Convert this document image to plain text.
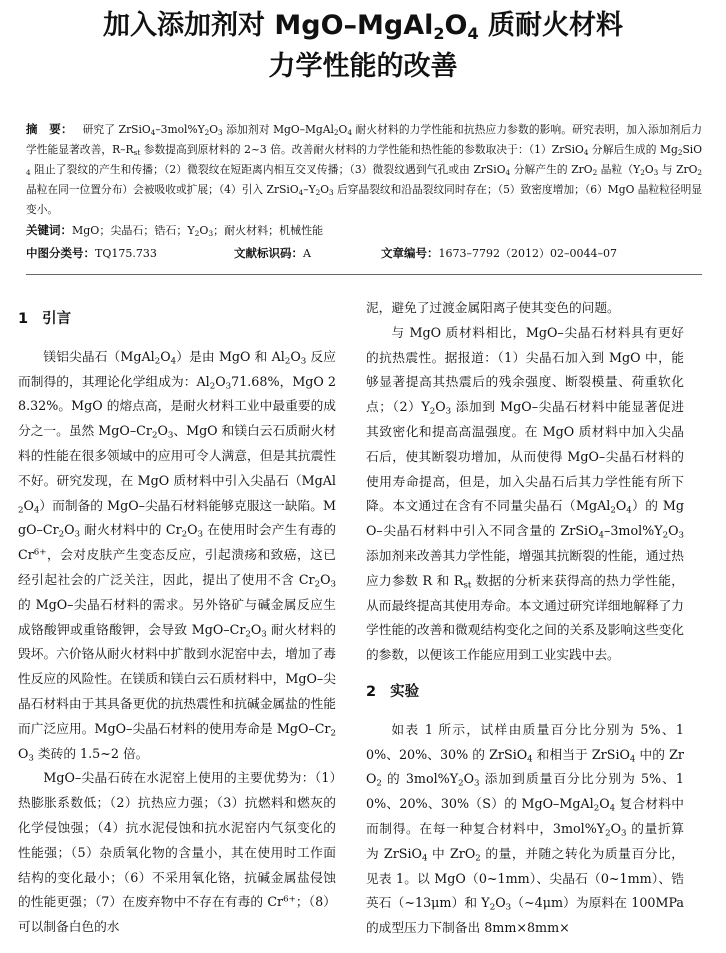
加入添加剂对 MgO–$MgAl_2O_4$ 质耐火材料
力学性能的改善
摘　要： 研究了 $ZrSiO_4-3mol\%Y_2O_3$ 添加剂对 MgO–$MgAl_2O_4$ 耐火材料的力学性能和抗热应力参数的影响。研究表明，加入添加剂后力学性能显著改善，$R-R_{st}$ 参数提高到原材料的 2~3 倍。改善耐火材料的力学性能和热性能的参数取决于：（1）ZrSiO$_4$ 分解后生成的 $Mg_2SiO_4$ 阻止了裂纹的产生和传播；（2）微裂纹在短距离内相互交叉传播；（3）微裂纹遇到气孔或由 ZrSiO$_4$ 分解产生的 ZrO$_2$ 晶粒（$Y_2O_3$ 与 ZrO$_2$ 晶粒在同一位置分布）会被吸收或扩展；（4）引入 $ZrSiO_4-Y_2O_3$ 后穿晶裂纹和沿晶裂纹同时存在；（5）致密度增加；（6）MgO 晶粒粒径明显变小。
关键词：MgO；尖晶石；锆石；$Y_2O_3$；耐火材料；机械性能
中图分类号：TQ175.733	文献标识码：A	文章编号：1673–7792（2012）02–0044–07
1 引言

镁铝尖晶石$(MgAl_2O_4)$是由 MgO 和 $Al_2O_3$ 反应而制得的，其理论化学组成为：$Al_2O_371.68\%$，MgO 28.32%。MgO 的熔点高，是耐火材料工业中最重要的成分之一。虽然 MgO–$Cr_2O_3$、MgO 和镁白云石质耐火材料的性能在很多领域中的应用可令人满意，但是其抗震性不好。研究发现，在 MgO 质材料中引入尖晶石$(MgAl_2O_4)$而制备的 MgO–尖晶石材料能够克服这一缺陷。MgO–$Cr_2O_3$ 耐火材料中的 $Cr_2O_3$ 在使用时会产生有毒的 $Cr^{6+}$，会对皮肤产生变态反应，引起溃疡和致癌，这已经引起社会的广泛关注，因此，提出了使用不含 $Cr_2O_3$ 的 MgO–尖晶石材料的需求。另外铬矿与碱金属反应生成铬酸钾或重铬酸钾，会导致 MgO–$Cr_2O_3$ 耐火材料的毁坏。六价铬从耐火材料中扩散到水泥窑中去，增加了毒性反应的风险性。在镁质和镁白云石质材料中，MgO–尖晶石材料由于其具备更优的抗热震性和抗碱金属盐的性能而广泛应用。MgO–尖晶石材料的使用寿命是 MgO–$Cr_2O_3$ 类砖的 1.5~2 倍。

MgO–尖晶石砖在水泥窑上使用的主要优势为：（1）热膨胀系数低；（2）抗热应力强；（3）抗燃料和燃灰的化学侵蚀强；（4）抗水泥侵蚀和抗水泥窑内气氛变化的性能强；（5）杂质氧化物的含量小，其在使用时工作面结构的变化最小；（6）不采用氧化铬，抗碱金属盐侵蚀的性能更强；（7）在废弃物中不存在有毒的 $Cr^{6+}$；（8）可以制备白色的水

泥，避免了过渡金属阳离子使其变色的问题。

与 MgO 质材料相比，MgO–尖晶石材料具有更好的抗热震性。据报道：（1）尖晶石加入到 MgO 中，能够显著提高其热震后的残余强度、断裂模量、荷重软化点；$(2)Y_2O_3$ 添加到 MgO–尖晶石材料中能显著促进其致密化和提高高温强度。在 MgO 质材料中加入尖晶石后，使其断裂功增加，从而使得 MgO–尖晶石材料的使用寿命提高，但是，加入尖晶石后其力学性能有所下降。本文通过在含有不同量尖晶石$(MgAl_2O_4)$的 MgO–尖晶石材料中引入不同含量的 $ZrSiO_4-3mol\%Y_2O_3$ 添加剂来改善其力学性能，增强其抗断裂的性能，通过热应力参数 R 和 $R_{st}$ 数据的分析来获得高的热力学性能，从而最终提高其使用寿命。本文通过研究详细地解释了力学性能的改善和微观结构变化之间的关系及影响这些变化的参数，以便该工作能应用到工业实践中去。

2 实验

如表 1 所示，试样由质量百分比分别为 5%、10%、20%、30% 的 ZrSiO$_4$ 和相当于 ZrSiO$_4$ 中的 ZrO$_2$ 的 $3mol\%Y_2O_3$ 添加到质量百分比分别为 5%、10%、20%、30%（S）的 MgO–$MgAl_2O_4$ 复合材料中而制得。在每一种复合材料中，$3mol\%Y_2O_3$ 的量折算为 ZrSiO$_4$ 中 ZrO$_2$ 的量，并随之转化为质量百分比，见表 1。以 MgO（0~1mm）、尖晶石（0~1mm）、锆英石（~13μm）和 $Y_2O_3(\sim 4\mu m)$为原料在 100MPa 的成型压力下制备出 8mm×8mm×
